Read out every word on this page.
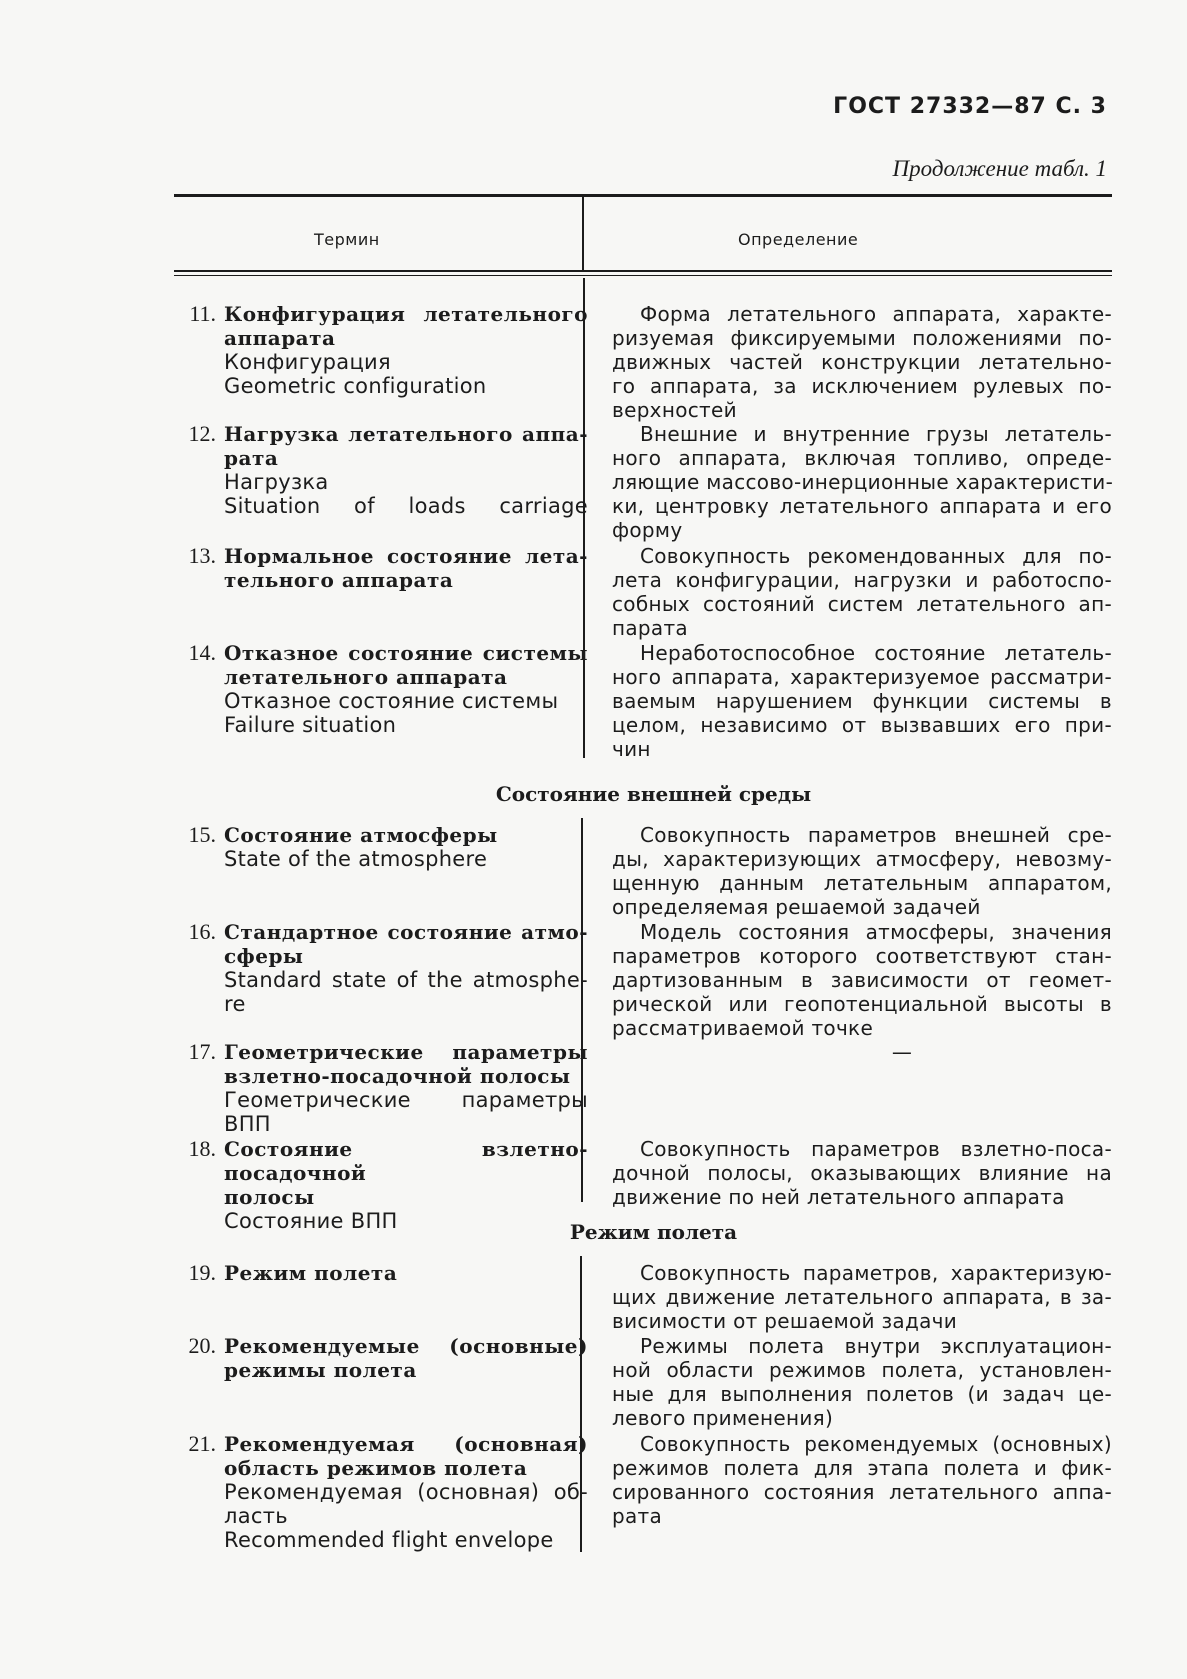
ГОСТ 27332—87 С. 3
Продолжение табл. 1
Термин	Определение
11. Конфигурация летательного
аппарата
Конфигурация
Geometric configuration
Форма летательного аппарата, характе-
ризуемая фиксируемыми положениями по-
движных частей конструкции летательно-
го аппарата, за исключением рулевых по-
верхностей
12. Нагрузка летательного аппа-
рата
Нагрузка
Situation of loads carriage
Внешние и внутренние грузы летатель-
ного аппарата, включая топливо, опреде-
ляющие массово-инерционные характеристи-
ки, центровку летательного аппарата и его
форму
13. Нормальное состояние лета-
тельного аппарата
Совокупность рекомендованных для по-
лета конфигурации, нагрузки и работоспо-
собных состояний систем летательного ап-
парата
14. Отказное состояние системы
летательного аппарата
Отказное состояние системы
Failure situation
Неработоспособное состояние летатель-
ного аппарата, характеризуемое рассматри-
ваемым нарушением функции системы в
целом, независимо от вызвавших его при-
чин
Состояние внешней среды
15. Состояние атмосферы
State of the atmosphere
Совокупность параметров внешней сре-
ды, характеризующих атмосферу, невозму-
щенную данным летательным аппаратом,
определяемая решаемой задачей
16. Стандартное состояние атмо-
сферы
Standard state of the atmosphe-
re
Модель состояния атмосферы, значения
параметров которого соответствуют стан-
дартизованным в зависимости от геомет-
рической или геопотенциальной высоты в
рассматриваемой точке
17. Геометрические параметры
взлетно-посадочной полосы
Геометрические параметры
ВПП
—
18. Состояние взлетно-посадочной
полосы
Состояние ВПП
Совокупность параметров взлетно-поса-
дочной полосы, оказывающих влияние на
движение по ней летательного аппарата
Режим полета
19. Режим полета	Совокупность параметров, характеризую-
щих движение летательного аппарата, в за-
висимости от решаемой задачи
20. Рекомендуемые (основные)
режимы полета
Режимы полета внутри эксплуатацион-
ной области режимов полета, установлен-
ные для выполнения полетов (и задач це-
левого применения)
21. Рекомендуемая (основная)
область режимов полета
Рекомендуемая (основная) об-
ласть
Recommended flight envelope
Совокупность рекомендуемых (основных)
режимов полета для этапа полета и фик-
сированного состояния летательного аппа-
рата
